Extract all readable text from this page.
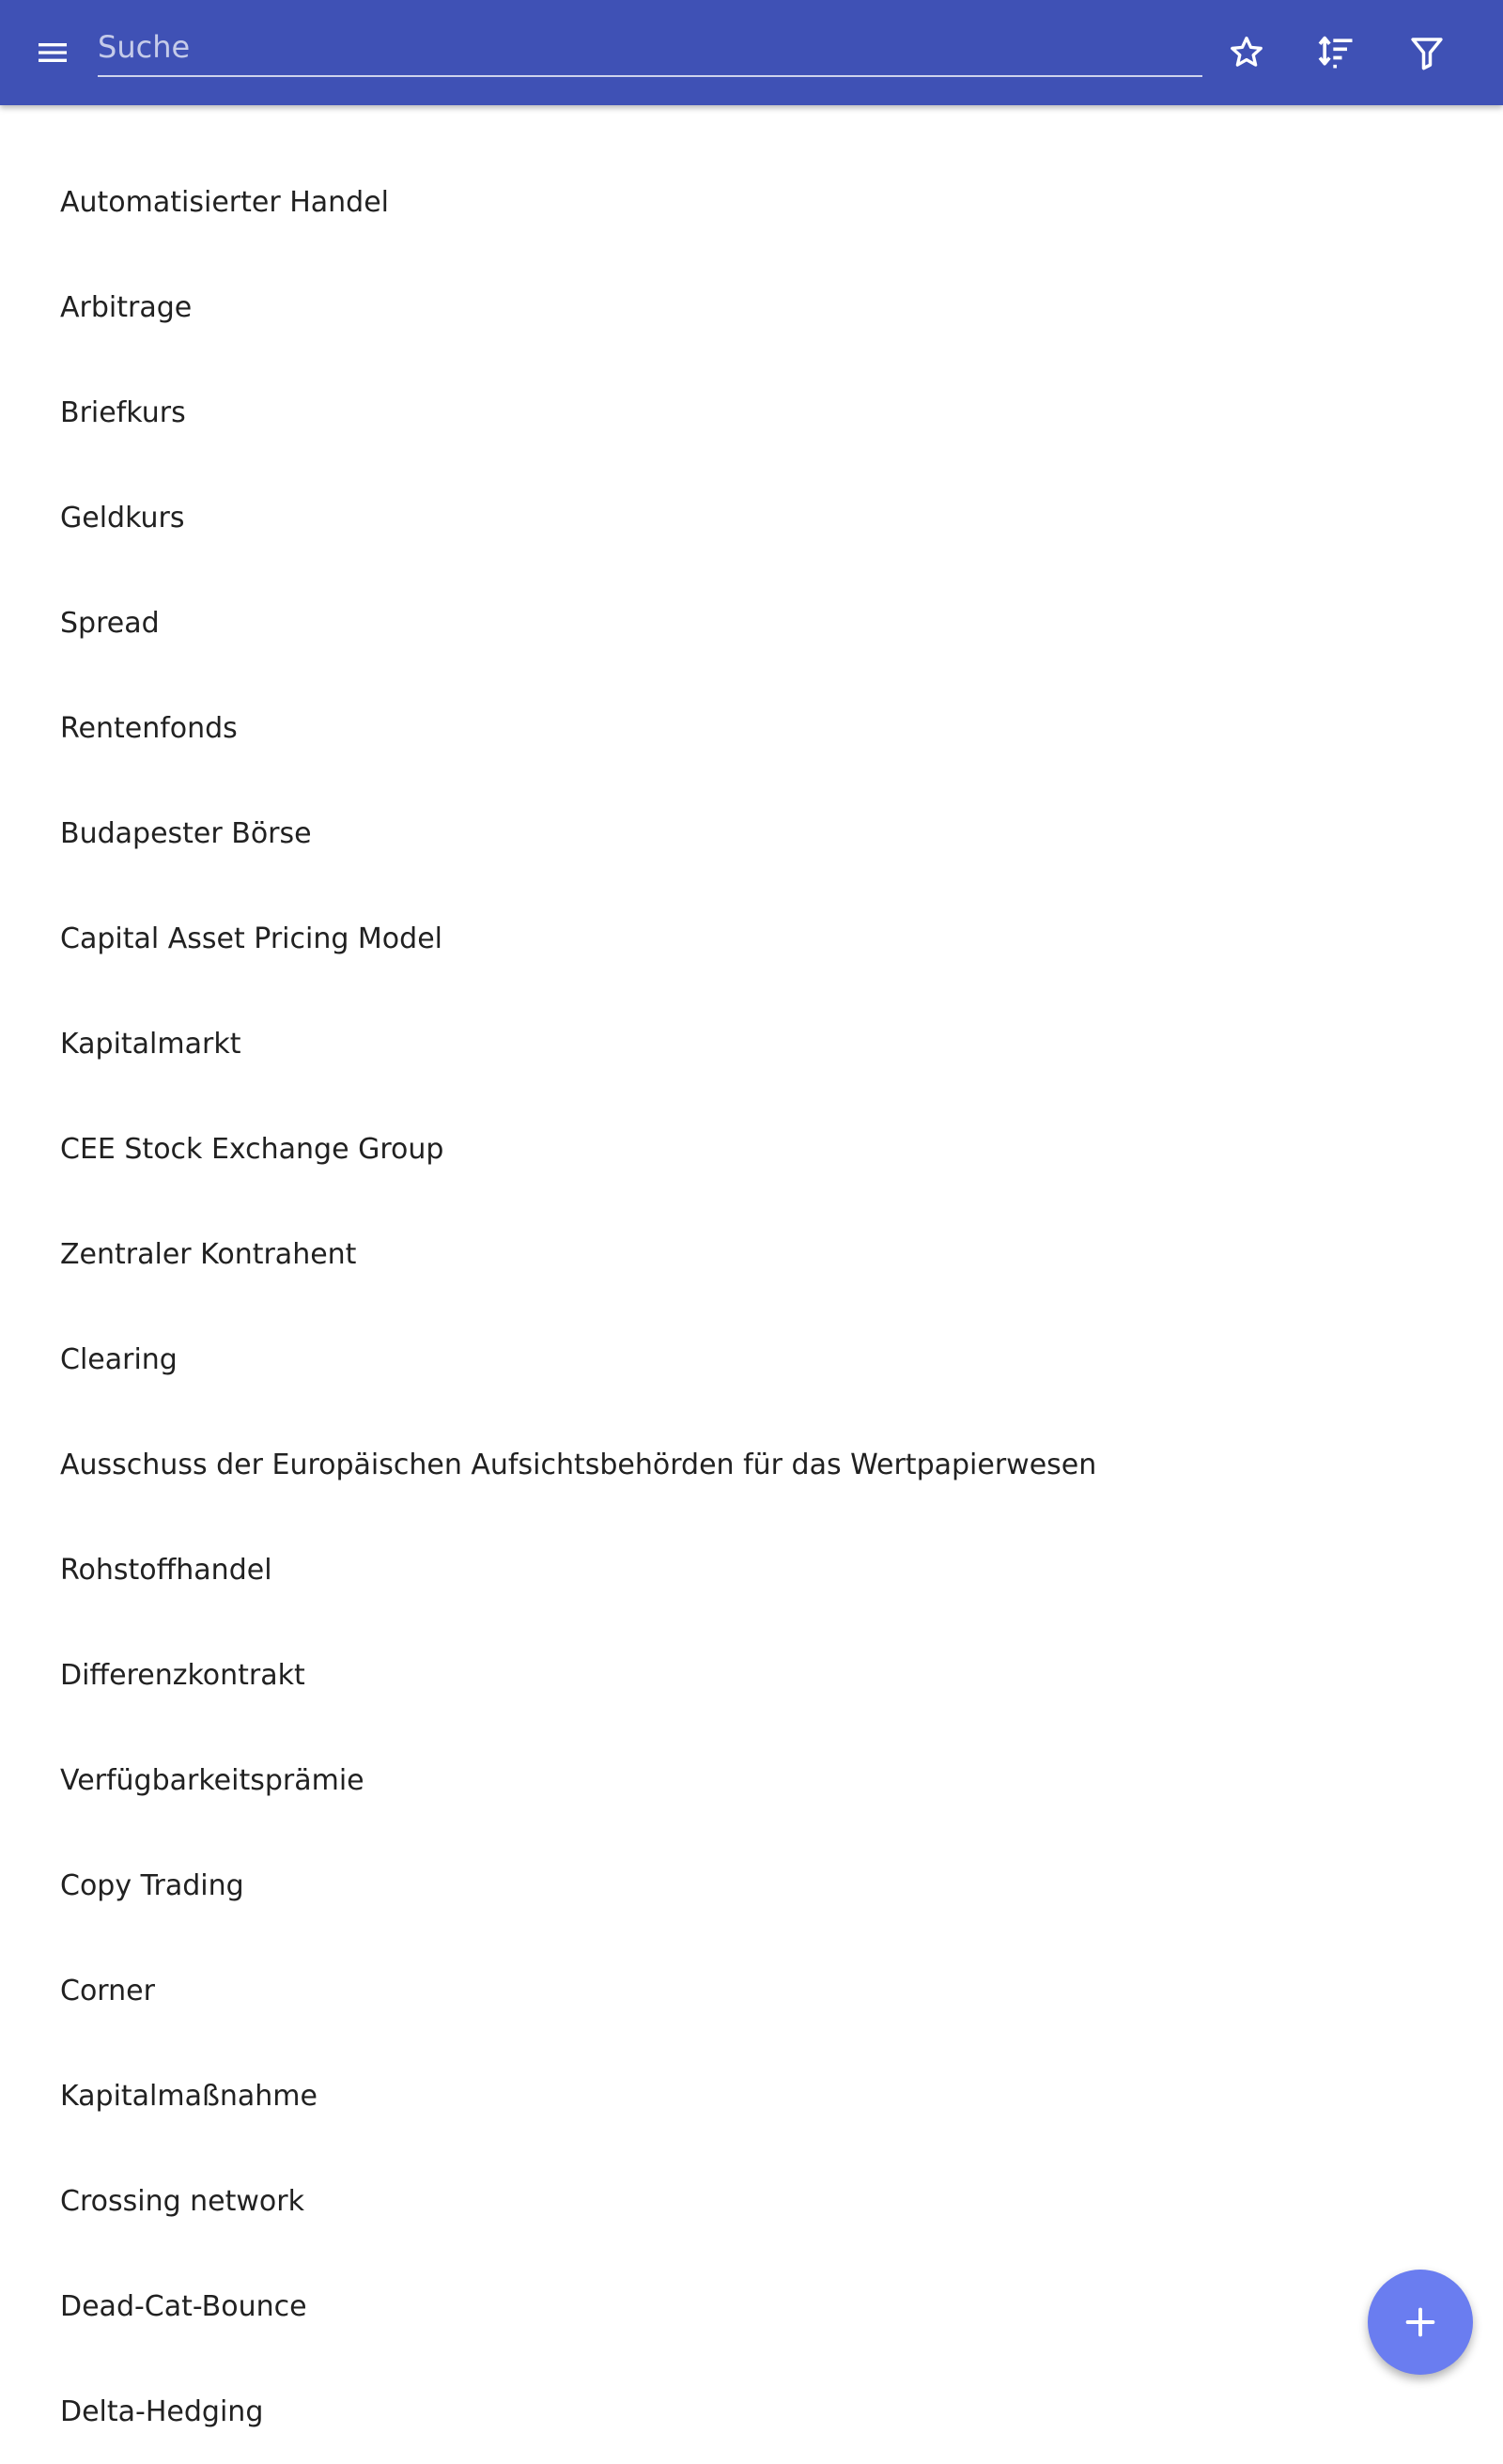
Suche
Automatisierter Handel
Arbitrage
Briefkurs
Geldkurs
Spread
Rentenfonds
Budapester Börse
Capital Asset Pricing Model
Kapitalmarkt
CEE Stock Exchange Group
Zentraler Kontrahent
Clearing
Ausschuss der Europäischen Aufsichtsbehörden für das Wertpapierwesen
Rohstoffhandel
Differenzkontrakt
Verfügbarkeitsprämie
Copy Trading
Corner
Kapitalmaßnahme
Crossing network
Dead-Cat-Bounce
Delta-Hedging
